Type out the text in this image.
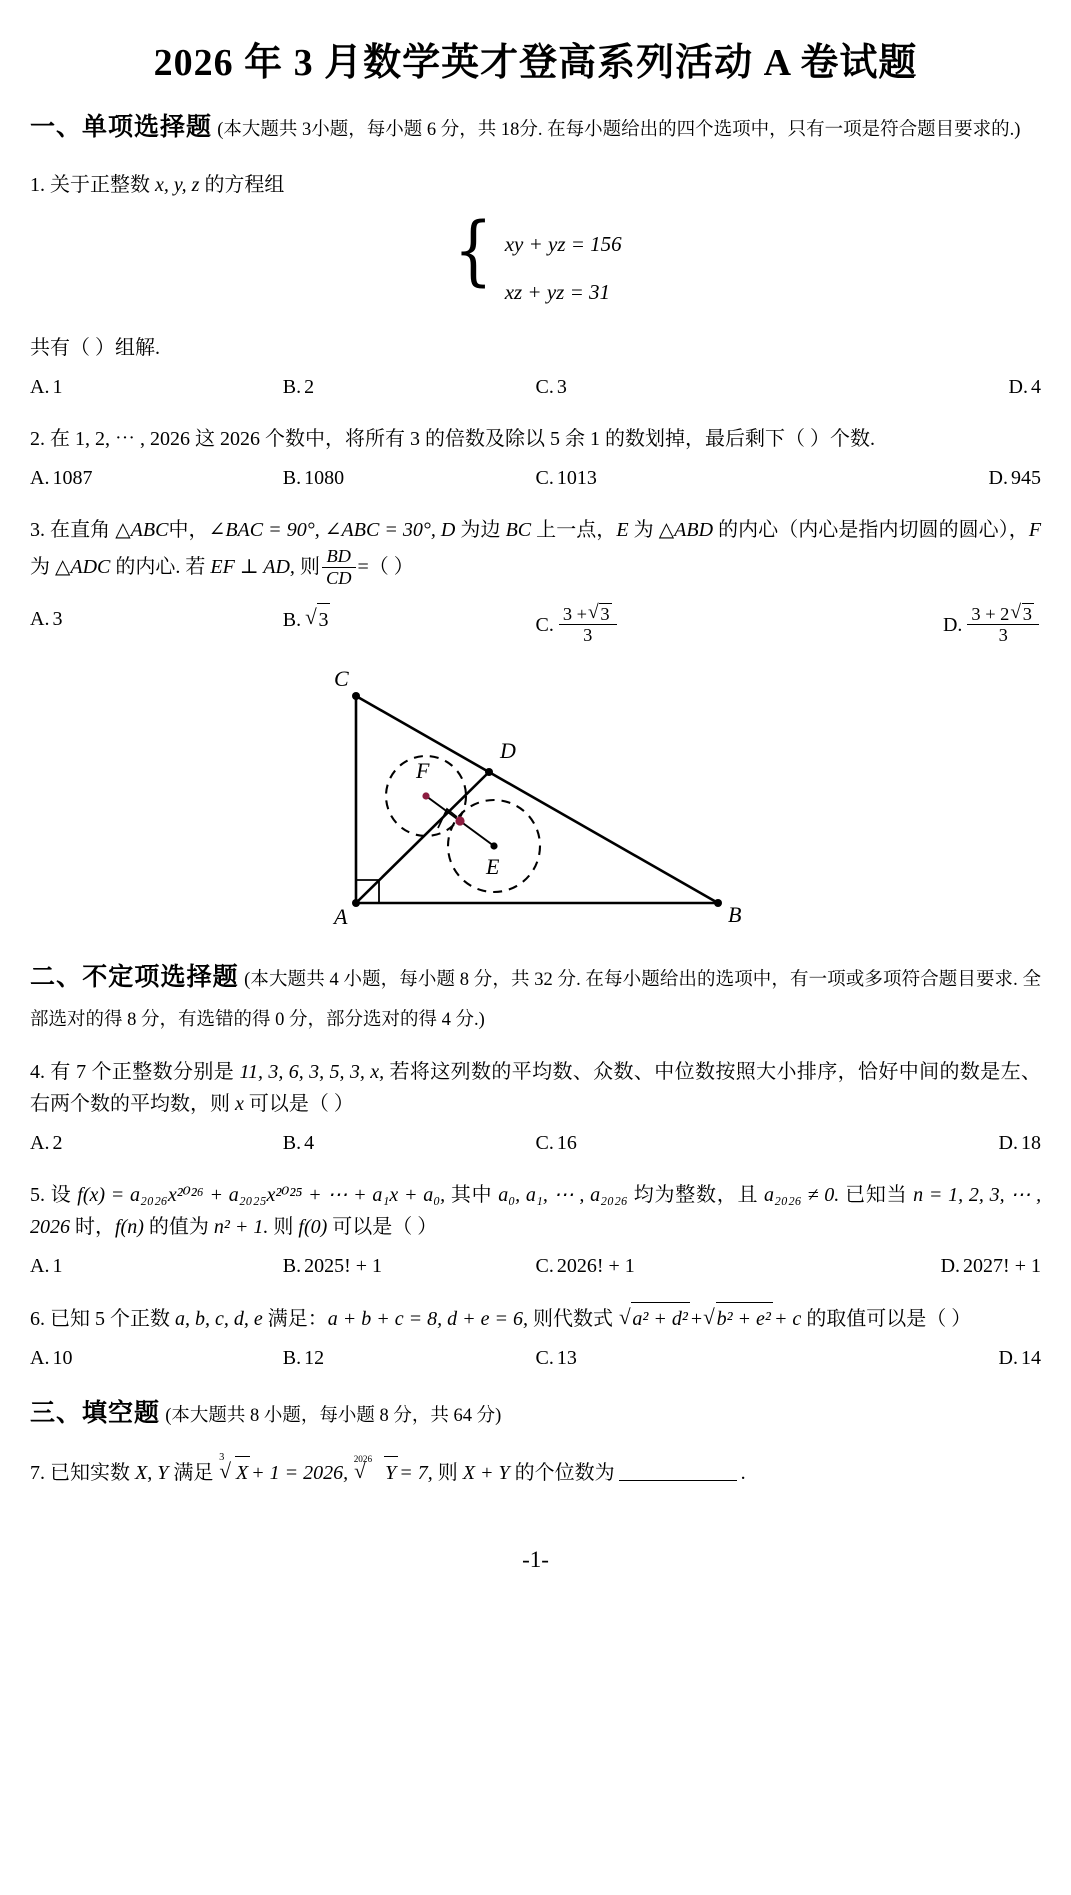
2026 年 3 月数学英才登高系列活动 A 卷试题
一、单项选择题 (本大题共 3小题，每小题 6 分，共 18分. 在每小题给出的四个选项中，只有一项是符合题目要求的.)
1. 关于正整数 x, y, z 的方程组
{ xy + yz = 156
xz + yz = 31
共有（ ）组解.
A. 1	B. 2	C. 3	D. 4
2. 在 1, 2, ⋯ , 2026 这 2026 个数中，将所有 3 的倍数及除以 5 余 1 的数划掉，最后剩下（ ）个数.
A. 1087	B. 1080	C. 1013	D. 945
3. 在直角 △ABC中，∠BAC = 90°, ∠ABC = 30°, D 为边 BC 上一点，E 为 △ABD 的内心（内心是指内切圆的圆心），F 为 △ADC 的内心. 若 EF ⊥ AD, 则 $\frac{BD}{CD}$ =（ ）
A. 3	B. √ 3	C. $\frac{3 + √ 3}{3}$	D. $\frac{3 + 2 √ 3}{3}$
A	B
C
D
E
F
二、不定项选择题 (本大题共 4 小题，每小题 8 分，共 32 分. 在每小题给出的选项中，有一项或多项符合题目要求. 全部选对的得 8 分，有选错的得 0 分，部分选对的得 4 分.)
4. 有 7 个正整数分别是 11, 3, 6, 3, 5, 3, x, 若将这列数的平均数、众数、中位数按照大小排序，恰好中间的数是左、右两个数的平均数，则 x 可以是（ ）
A. 2	B. 4	C. 16	D. 18
5. 设 f(x) = a₂₀₂₆x²⁰²⁶ + a₂₀₂₅x²⁰²⁵ + ⋯ + a₁x + a₀, 其中 a₀, a₁, ⋯ , a₂₀₂₆ 均为整数，且 a₂₀₂₆ ≠ 0. 已知当 n = 1, 2, 3, ⋯ , 2026 时，f(n) 的值为 n² + 1. 则 f(0) 可以是（ ）
A. 1	B. 2025! + 1	C. 2026! + 1	D. 2027! + 1
6. 已知 5 个正数 a, b, c, d, e 满足：a + b + c = 8, d + e = 6, 则代数式 √ a² + d² + √ b² + e² + c 的取值可以是（ ）
A. 10	B. 12	C. 13	D. 14
三、填空题 (本大题共 8 小题，每小题 8 分，共 64 分)
7. 已知实数 X, Y 满足
√ 3
X + 1 = 2026,
√ 2026
Y = 7, 则 X + Y 的个位数为	.
-1-
